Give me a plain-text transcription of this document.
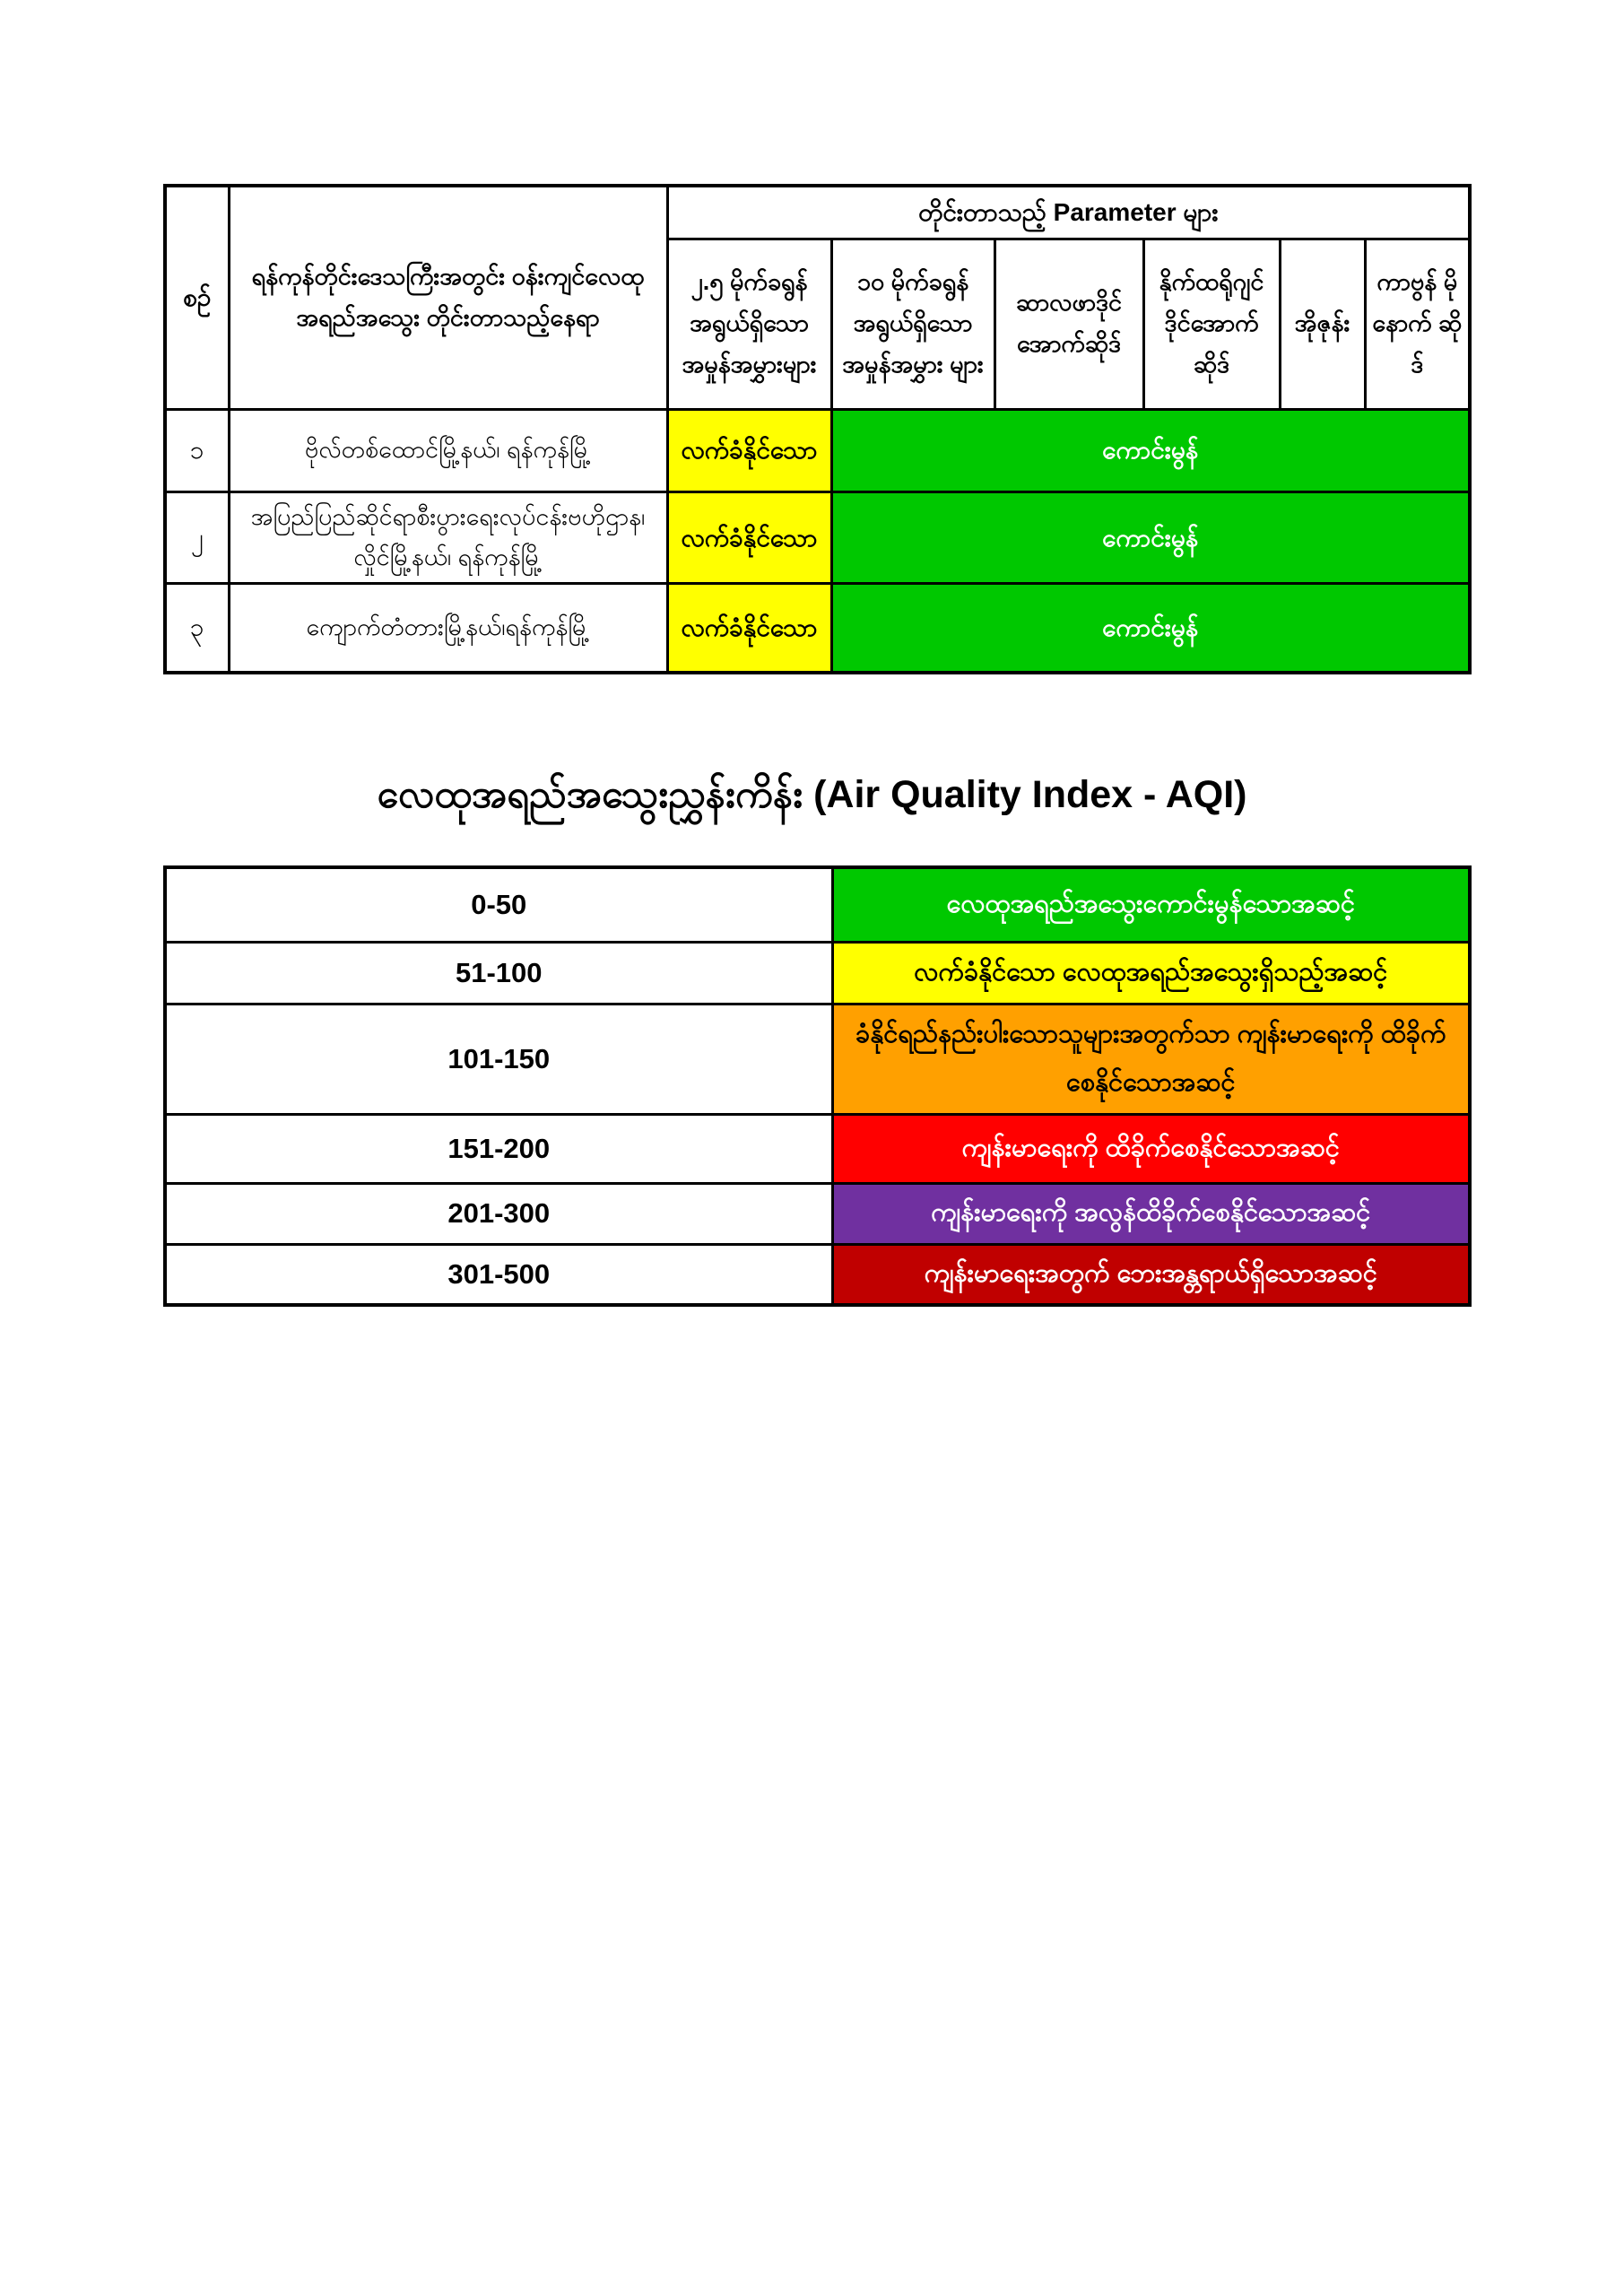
စဉ်	ရန်ကုန်တိုင်းဒေသကြီးအတွင်း ဝန်းကျင်လေထု အရည်အသွေး တိုင်းတာသည့်နေရာ	တိုင်းတာသည့် Parameter များ					
		၂.၅ မိုက်ခရွန် အရွယ်ရှိသော အမှုန်အမွှားများ	၁၀ မိုက်ခရွန် အရွယ်ရှိသော အမှုန်အမွှား များ	ဆာလဖာဒိုင် အောက်ဆိုဒ်	နိုက်ထရိုဂျင် ဒိုင်အောက် ဆိုဒ်	အိုဇုန်း	ကာဗွန် မိုနောက် ဆိုဒ်
၁	ဗိုလ်တစ်ထောင်မြို့နယ်၊ ရန်ကုန်မြို့	လက်ခံနိုင်သော	ကောင်းမွန်				
၂	အပြည်ပြည်ဆိုင်ရာစီးပွားရေးလုပ်ငန်းဗဟိုဌာန၊ လှိုင်မြို့နယ်၊ ရန်ကုန်မြို့	လက်ခံနိုင်သော	ကောင်းမွန်				
၃	ကျောက်တံတားမြို့နယ်၊ရန်ကုန်မြို့	လက်ခံနိုင်သော	ကောင်းမွန်				
လေထုအရည်အသွေးညွှန်းကိန်း (Air Quality Index - AQI)
0-50	လေထုအရည်အသွေးကောင်းမွန်သောအဆင့်
51-100	လက်ခံနိုင်သော လေထုအရည်အသွေးရှိသည့်အဆင့်
101-150	ခံနိုင်ရည်နည်းပါးသောသူများအတွက်သာ ကျန်းမာရေးကို ထိခိုက်စေနိုင်သောအဆင့်
151-200	ကျန်းမာရေးကို ထိခိုက်စေနိုင်သောအဆင့်
201-300	ကျန်းမာရေးကို အလွန်ထိခိုက်စေနိုင်သောအဆင့်
301-500	ကျန်းမာရေးအတွက် ဘေးအန္တရာယ်ရှိသောအဆင့်
